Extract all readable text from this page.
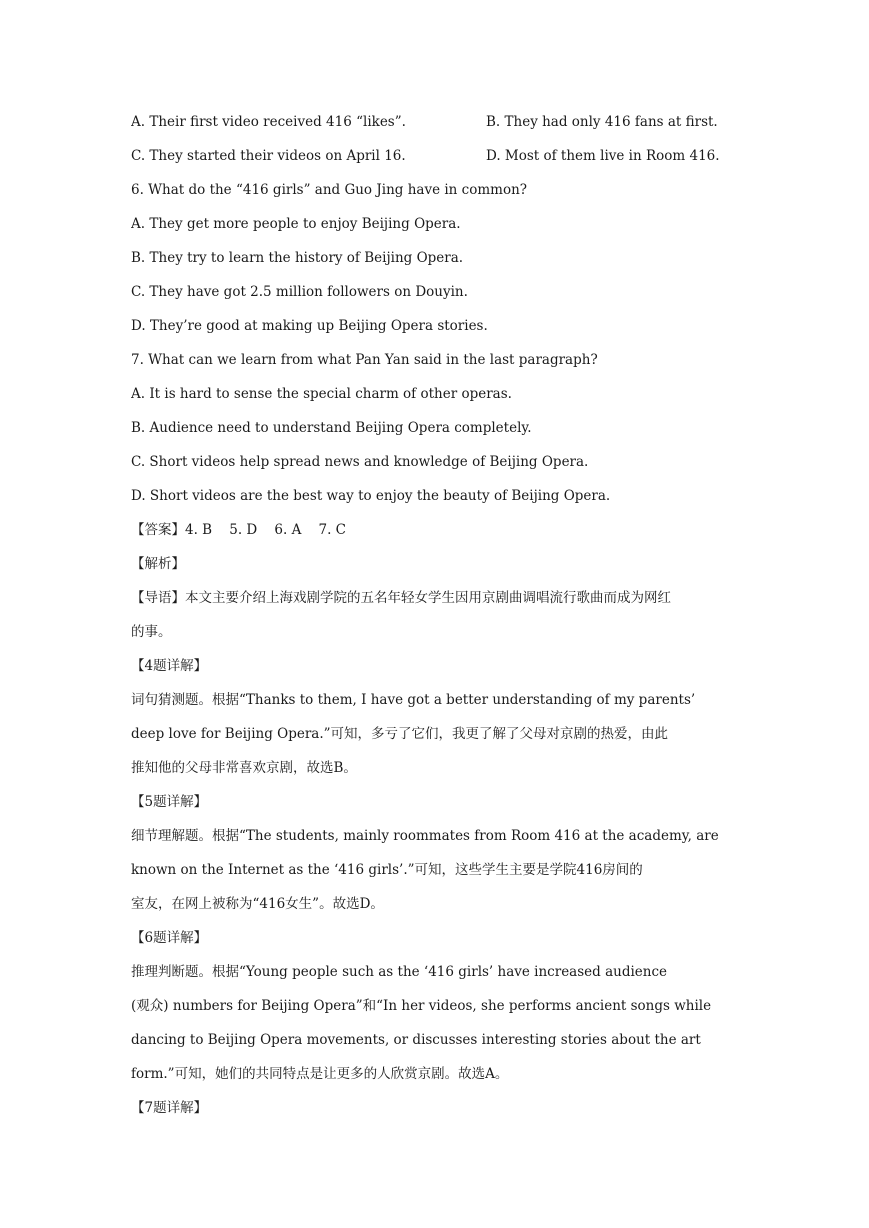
A. Their first video received 416 “likes”.	B. They had only 416 fans at first.
C. They started their videos on April 16.	D. Most of them live in Room 416.
6. What do the “416 girls” and Guo Jing have in common?
A. They get more people to enjoy Beijing Opera.
B. They try to learn the history of Beijing Opera.
C. They have got 2.5 million followers on Douyin.
D. They’re good at making up Beijing Opera stories.
7. What can we learn from what Pan Yan said in the last paragraph?
A. It is hard to sense the special charm of other operas.
B. Audience need to understand Beijing Opera completely.
C. Short videos help spread news and knowledge of Beijing Opera.
D. Short videos are the best way to enjoy the beauty of Beijing Opera.
【答案】4. B    5. D    6. A    7. C
【解析】
【导语】本文主要介绍上海戏剧学院的五名年轻女学生因用京剧曲调唱流行歌曲而成为网红
的事。
【4题详解】
词句猜测题。根据“Thanks to them, I have got a better understanding of my parents’
deep love for Beijing Opera.”可知，多亏了它们，我更了解了父母对京剧的热爱，由此
推知他的父母非常喜欢京剧，故选B。
【5题详解】
细节理解题。根据“The students, mainly roommates from Room 416 at the academy, are
known on the Internet as the ‘416 girls’.”可知，这些学生主要是学院416房间的
室友，在网上被称为“416女生”。故选D。
【6题详解】
推理判断题。根据“Young people such as the ‘416 girls’ have increased audience
(观众) numbers for Beijing Opera”和“In her videos, she performs ancient songs while
dancing to Beijing Opera movements, or discusses interesting stories about the art
form.”可知，她们的共同特点是让更多的人欣赏京剧。故选A。
【7题详解】
